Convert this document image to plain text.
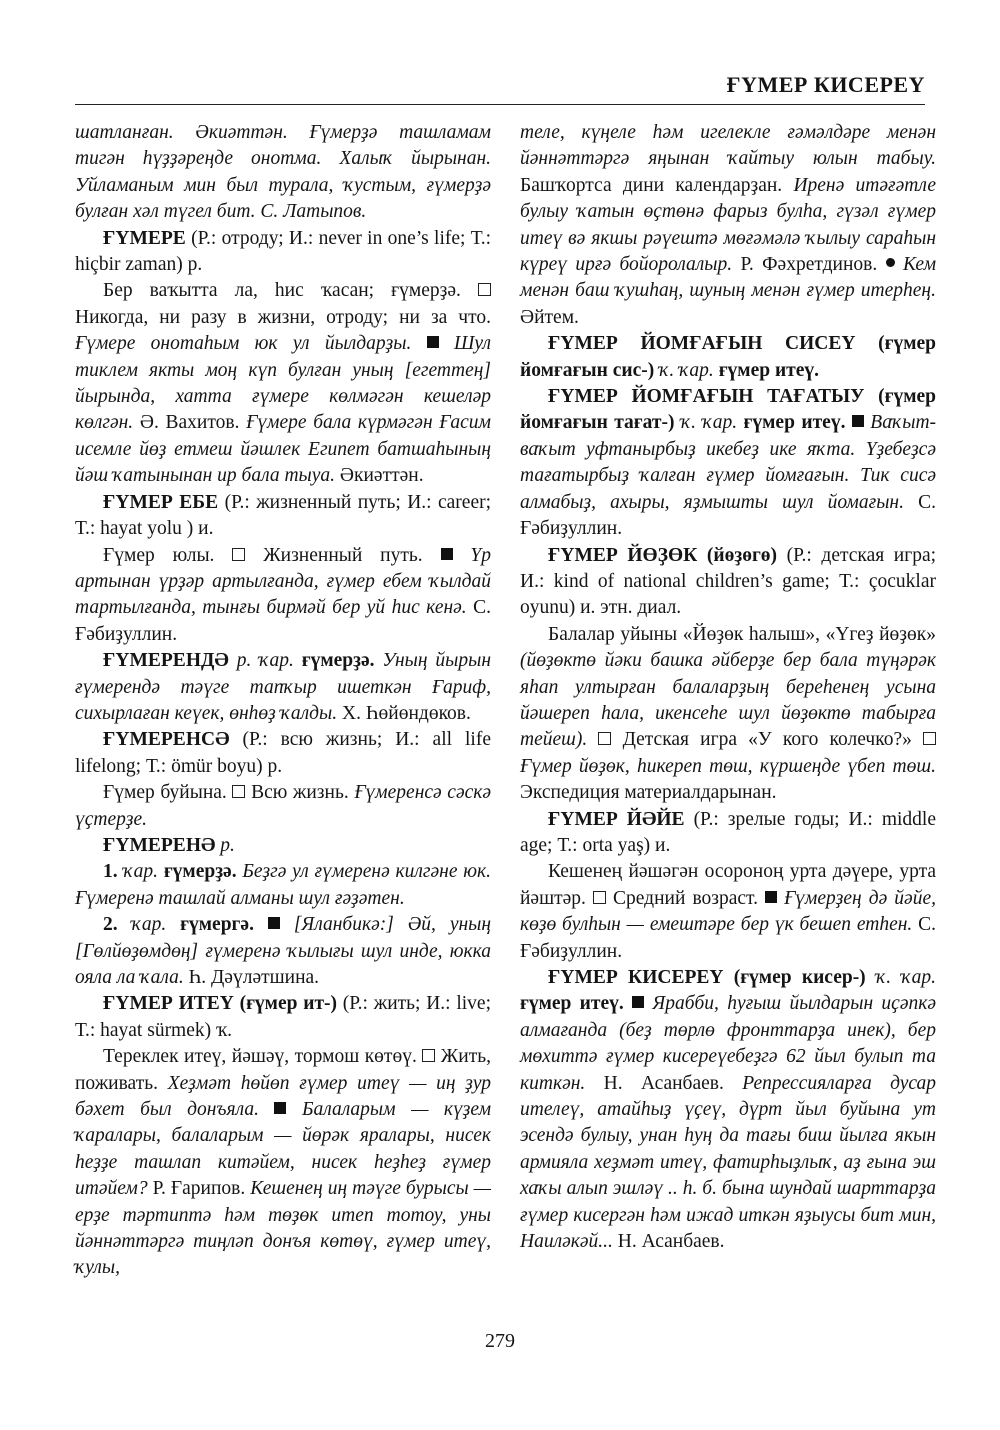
ҒҮМЕР КИСЕРЕҮ

шатланған. Әкиәттән. Ғүмерҙә ташламам тигән һүҙҙәреңде онотма. Халыҡ йырынан. Уйламаным мин был турала, ҡустым, ғүмерҙә булған хәл түгел бит. С. Латыпов.

ҒҮМЕРЕ (Р.: отроду; И.: never in one’s life; Т.: hiçbir zaman) р.

Бер ваҡытта ла, һис ҡасан; ғүмерҙә.  Никогда, ни разу в жизни, отроду; ни за что. Ғүмере онотаһым юк ул йылдарҙы. Шул тиклем якты моң күп булған уның [егеттең] йырында, хатта ғүмере көлмәгән кешеләр көлгән. Ә. Вахитов. Ғүмере бала күрмәгән Ғасим исемле йөҙ етмеш йәшлек Египет батшаһының йәш ҡатынынан ир бала тыуа. Әкиәттән.

ҒҮМЕР ЕБЕ (Р.: жизненный путь; И.: career; Т.: hayat yolu ) и.

Ғүмер юлы.	Жизненный путь. Үр артынан үрҙәр артылғанда, ғүмер ебем ҡылдай тартылғанда, тынғы бирмәй бер уй һис кенә. С. Ғәбиҙуллин.

ҒҮМЕРЕНДӘ р. ҡар. ғүмерҙә. Уның йырын ғүмерендә тәүге тапҡыр ишеткән Ғариф, сихырлаған кеүек, өнһөҙ ҡалды. Х. Һөйөндөков.

ҒҮМЕРЕНСӘ (Р.: всю жизнь; И.: all life lifelong; Т.: ömür boyu) р.

Ғүмер буйына. Всю жизнь. Ғүмеренсә сәскә үҫтерҙе.

ҒҮМЕРЕНӘ р.

1. ҡар. ғүмерҙә. Беҙгә ул ғүмеренә килгәне юк. Ғүмеренә ташлай алманы шул ғәҙәтен.

2. ҡар. ғүмергә. [Яланбикә:] Әй, уның [Гөлйөҙөмдөң] ғүмеренә ҡылығы шул инде, юкка ояла ла ҡала. Һ. Дәүләтшина.

ҒҮМЕР ИТЕҮ (ғүмер ит-) (Р.: жить; И.: live; Т.: hayat sürmek) ҡ.

Тереклек итеү, йәшәү, тормош көтөү. Жить, поживать. Хеҙмәт һөйөп ғүмер итеү — иң ҙур бәхет был донъяла. Балаларым — күҙем ҡаралары, балаларым — йөрәк яралары, нисек һеҙҙе ташлап китәйем, нисек һеҙһеҙ ғүмер итәйем? Р. Ғарипов. Кешенең иң тәүге бурысы — ерҙе тәртиптә һәм төҙөк итеп тотоу, уны йәннәттәргә тиңләп донъя көтөү, ғүмер итеү, ҡулы,

теле, күңеле һәм игелекле ғәмәлдәре менән йәннәттәргә яңынан ҡайтыу юлын табыу. Башҡортса дини календарҙан. Иренә итәғәтле булыу ҡатын өҫтөнә фарыз булһа, гүзәл ғүмер итеү вә якшы рәүештә мөғәмәлә ҡылыу сараһын күреү ирғә бойоролалыр. Р. Фәхретдинов. Кем менән баш ҡушһаң, шуның менән ғүмер итерһең. Әйтем.

ҒҮМЕР ЙОМҒАҒЫН СИСЕҮ (ғүмер йомғағын сис-) ҡ. ҡар. ғүмер итеү.

ҒҮМЕР ЙОМҒАҒЫН ТАҒАТЫУ (ғүмер йомғағын тағат-) ҡ. ҡар. ғүмер итеү. Ваҡыт-ваҡыт уфтанырбыҙ икебеҙ ике яҡта. Үҙебеҙсә тағатырбыҙ ҡалған ғүмер йомғағын. Тик сисә алмабыҙ, ахыры, яҙмышты шул йомағын. С. Ғәбиҙуллин.

ҒҮМЕР ЙӨҘӨК (йөҙөгө) (Р.: детская игра; И.: kind of national children’s game; Т.: çocuklar oyunu) и. этн. диал.

Балалар уйыны «Йөҙөк һалыш», «Үгеҙ йөҙөк» (йөҙөктө йәки башка әйберҙе бер бала түңәрәк яһап ултырған балаларҙың береһенең усына йәшереп һала, икенсеһе шул йөҙөктө табырға тейеш). Детская игра «У кого колечко?»  Ғүмер йөҙөк, һикереп төш, күршеңде үбеп төш. Экспедиция материалдарынан.

ҒҮМЕР ЙӘЙЕ (Р.: зрелые годы; И.: middle age; Т.: orta yaş) и.

Кешенең йәшәгән осороноң урта дәүере, урта йәштәр. Средний возраст. Ғүмерҙең дә йәйе, көҙө булһын — емештәре бер үк бешеп етһен. С. Ғәбиҙуллин.

ҒҮМЕР КИСЕРЕҮ (ғүмер кисер-) ҡ. ҡар. ғүмер итеү. Ярабби, һуғыш йылдарын иҫәпкә алмағанда (беҙ төрлө фронттарҙа инек), бер мөхиттә ғүмер кисереүебеҙгә 62 йыл булып та киткән. Н. Асанбаев. Репрессияларға дусар ителеү, атайһыҙ үҫеү, дүрт йыл буйына ут эсендә булыу, унан һуң да тағы биш йылға якын армияла хеҙмәт итеү, фатирһыҙлыҡ, аҙ ғына эш хаҡы алып эшләү .. һ. б. бына шундай шарттарҙа ғүмер кисергән һәм ижад иткән яҙыусы бит мин, Наиләкәй... Н. Асанбаев.

279
